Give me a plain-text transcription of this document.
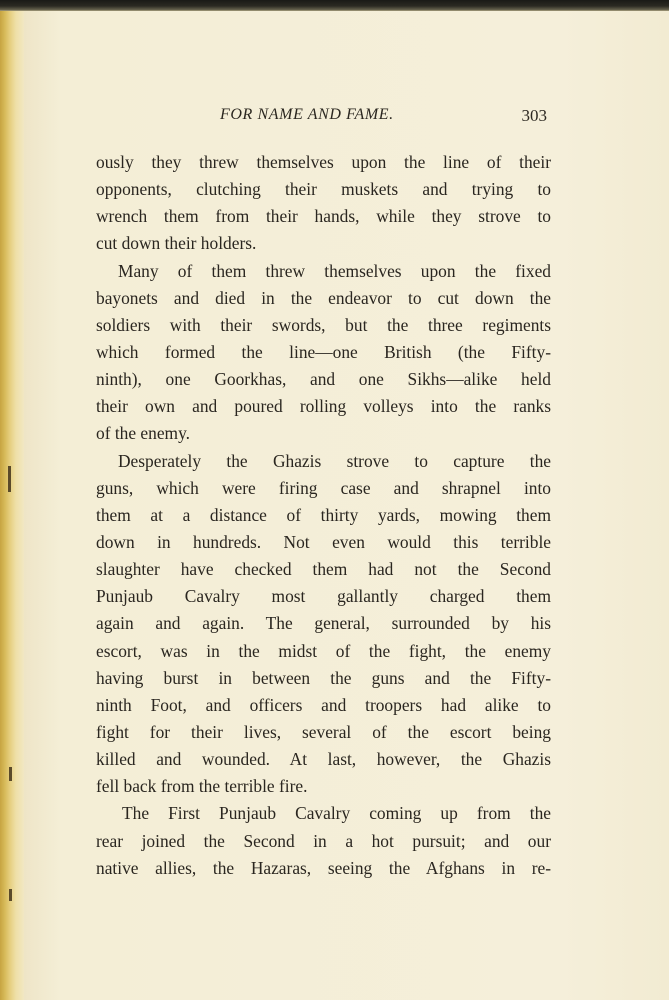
FOR NAME AND FAME.	303
ously they threw themselves upon the line of their
opponents, clutching their muskets and trying to
wrench them from their hands, while they strove to
cut down their holders.
Many of them threw themselves upon the fixed
bayonets and died in the endeavor to cut down the
soldiers with their swords, but the three regiments
which formed the line—one British (the Fifty-
ninth), one Goorkhas, and one Sikhs—alike held
their own and poured rolling volleys into the ranks
of the enemy.
Desperately the Ghazis strove to capture the
guns, which were firing case and shrapnel into
them at a distance of thirty yards, mowing them
down in hundreds. Not even would this terrible
slaughter have checked them had not the Second
Punjaub Cavalry most gallantly charged them
again and again. The general, surrounded by his
escort, was in the midst of the fight, the enemy
having burst in between the guns and the Fifty-
ninth Foot, and officers and troopers had alike to
fight for their lives, several of the escort being
killed and wounded. At last, however, the Ghazis
fell back from the terrible fire.
The First Punjaub Cavalry coming up from the
rear joined the Second in a hot pursuit; and our
native allies, the Hazaras, seeing the Afghans in re-
